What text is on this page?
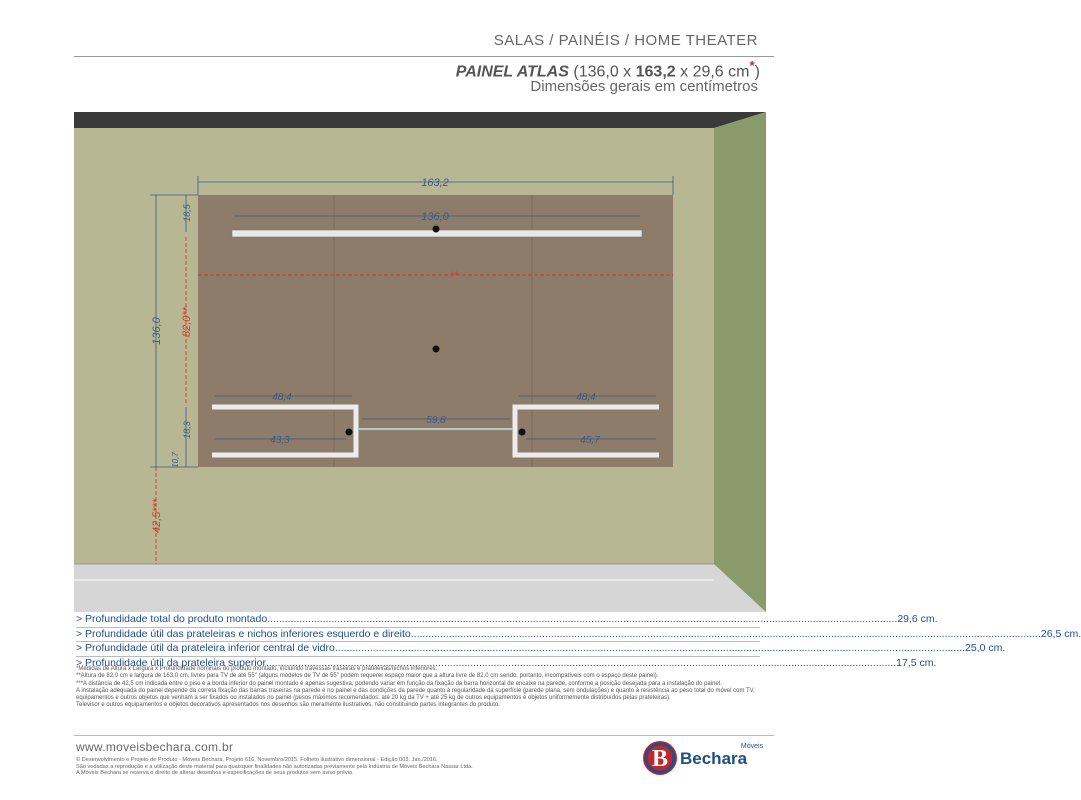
SALAS / PAINÉIS / HOME THEATER
PAINEL ATLAS (136,0 x 163,2 x 29,6 cm*)
Dimensões gerais em centímetros
163,2
136,0
136,0
18,5
18,3
10,7
48,4
43,3
48,4
45,7
59,8
**
82,0**
42,5***
> Profundidade total do produto montado ........................................................................................................................................................................................................................ 29,6 cm.
> Profundidade útil das prateleiras e nichos inferiores esquerdo e direito ........................................................................................................................................................................................................................ 26,5 cm.
> Profundidade útil da prateleira inferior central de vidro ........................................................................................................................................................................................................................ 25,0 cm.
> Profundidade útil da prateleira superior ........................................................................................................................................................................................................................ 17,5 cm.

*Medidas de Altura x Largura x Profundidade nominais do produto montado, incluindo travessas traseiras e prateleiras/nichos inferiores.

**Altura de 82,0 cm e largura de 163,0 cm, livres para TV de até 55" (alguns modelos de TV de 55" podem requerer espaço maior que a altura livre de 82,0 cm sendo, portanto, incompatíveis com o espaço deste painel).

***A distância de 42,5 cm indicada entre o piso e a borda inferior do painel montado é apenas sugestiva, podendo variar em função da fixação da barra horizontal de encaixe na parede, conforme a posição desejada para a instalação do painel.

A instalação adequada do painel depende da correta fixação das barras traseiras na parede e no painel e das condições da parede quanto à regularidade da superfície (parede plana, sem ondulações) e quanto à resistência ao peso total do móvel com TV, equipamentos e outros objetos que venham a ser fixados ou instalados no painel (pesos máximos recomendados: até 20 kg da TV + até 25 kg de outros equipamentos e objetos uniformemente distribuídos pelas prateleiras).

Televisor e outros equipamentos e objetos decorativos apresentados nos desenhos são meramente ilustrativos, não constituindo partes integrantes do produto.

www.moveisbechara.com.br

© Desenvolvimento e Projeto de Produto - Móveis Bechara. Projeto 616. Novembro/2015. Folheto ilustrativo dimensional - Edição 003. Jan./2016.

São vedadas a reprodução e a utilização deste material para quaisquer finalidades não autorizadas previamente pela Indústria de Móveis Bechara Nassar Ltda.

A Móveis Bechara se reserva o direito de alterar desenhos e especificações de seus produtos sem aviso prévio.

B	Móveis
Bechara
